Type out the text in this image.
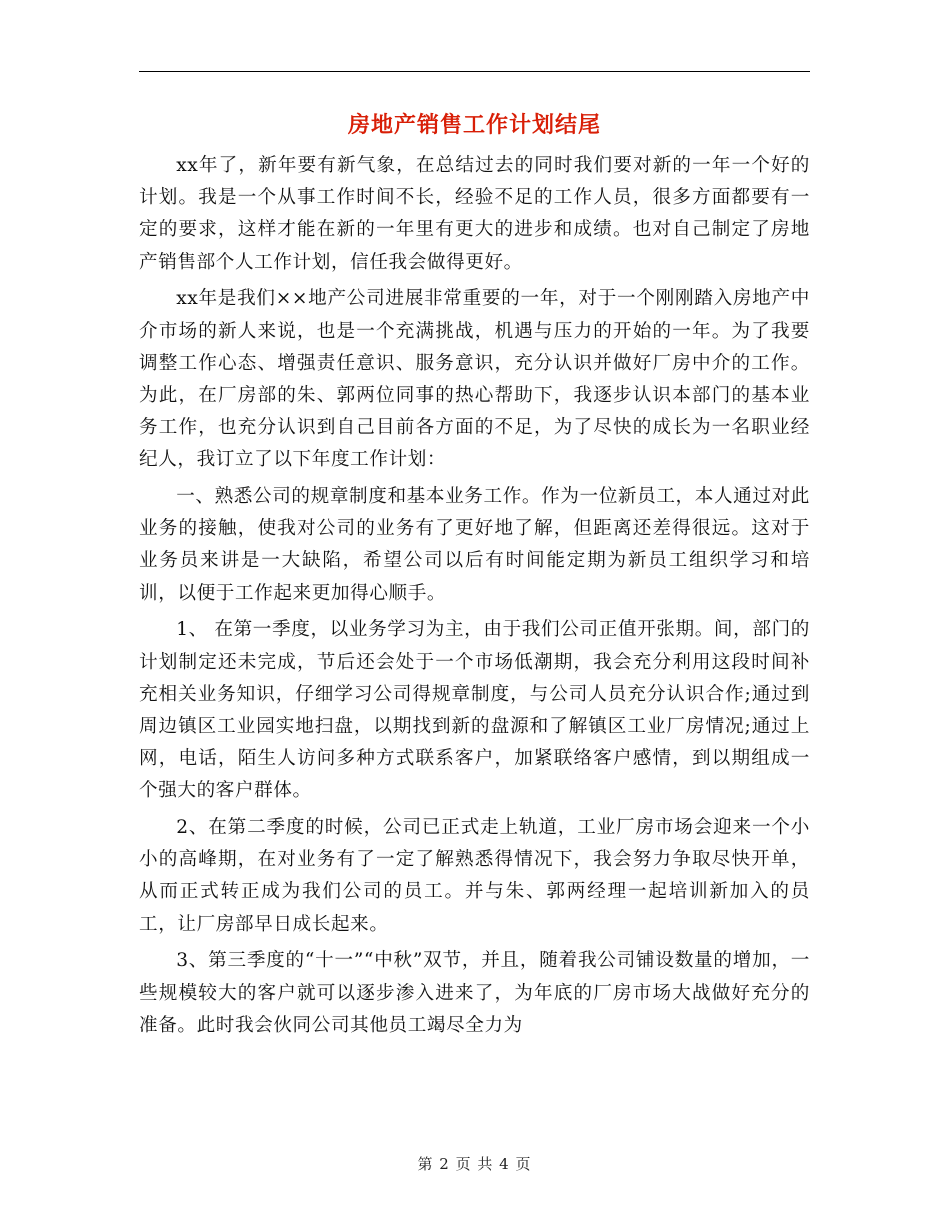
房地产销售工作计划结尾

xx年了，新年要有新气象，在总结过去的同时我们要对新的一年一个好的计划。我是一个从事工作时间不长，经验不足的工作人员，很多方面都要有一定的要求，这样才能在新的一年里有更大的进步和成绩。也对自己制定了房地产销售部个人工作计划，信任我会做得更好。

xx年是我们××地产公司进展非常重要的一年，对于一个刚刚踏入房地产中介市场的新人来说，也是一个充满挑战，机遇与压力的开始的一年。为了我要调整工作心态、增强责任意识、服务意识，充分认识并做好厂房中介的工作。为此，在厂房部的朱、郭两位同事的热心帮助下，我逐步认识本部门的基本业务工作，也充分认识到自己目前各方面的不足，为了尽快的成长为一名职业经纪人，我订立了以下年度工作计划：

一、熟悉公司的规章制度和基本业务工作。作为一位新员工，本人通过对此业务的接触，使我对公司的业务有了更好地了解，但距离还差得很远。这对于业务员来讲是一大缺陷，希望公司以后有时间能定期为新员工组织学习和培训，以便于工作起来更加得心顺手。

1、 在第一季度，以业务学习为主，由于我们公司正值开张期。间，部门的计划制定还未完成，节后还会处于一个市场低潮期，我会充分利用这段时间补充相关业务知识，仔细学习公司得规章制度，与公司人员充分认识合作;通过到周边镇区工业园实地扫盘，以期找到新的盘源和了解镇区工业厂房情况;通过上网，电话，陌生人访问多种方式联系客户，加紧联络客户感情，到以期组成一个强大的客户群体。

2、在第二季度的时候，公司已正式走上轨道，工业厂房市场会迎来一个小小的高峰期，在对业务有了一定了解熟悉得情况下，我会努力争取尽快开单，从而正式转正成为我们公司的员工。并与朱、郭两经理一起培训新加入的员工，让厂房部早日成长起来。

3、第三季度的“十一”“中秋”双节，并且，随着我公司铺设数量的增加，一些规模较大的客户就可以逐步渗入进来了，为年底的厂房市场大战做好充分的准备。此时我会伙同公司其他员工竭尽全力为

第 2 页 共 4 页
